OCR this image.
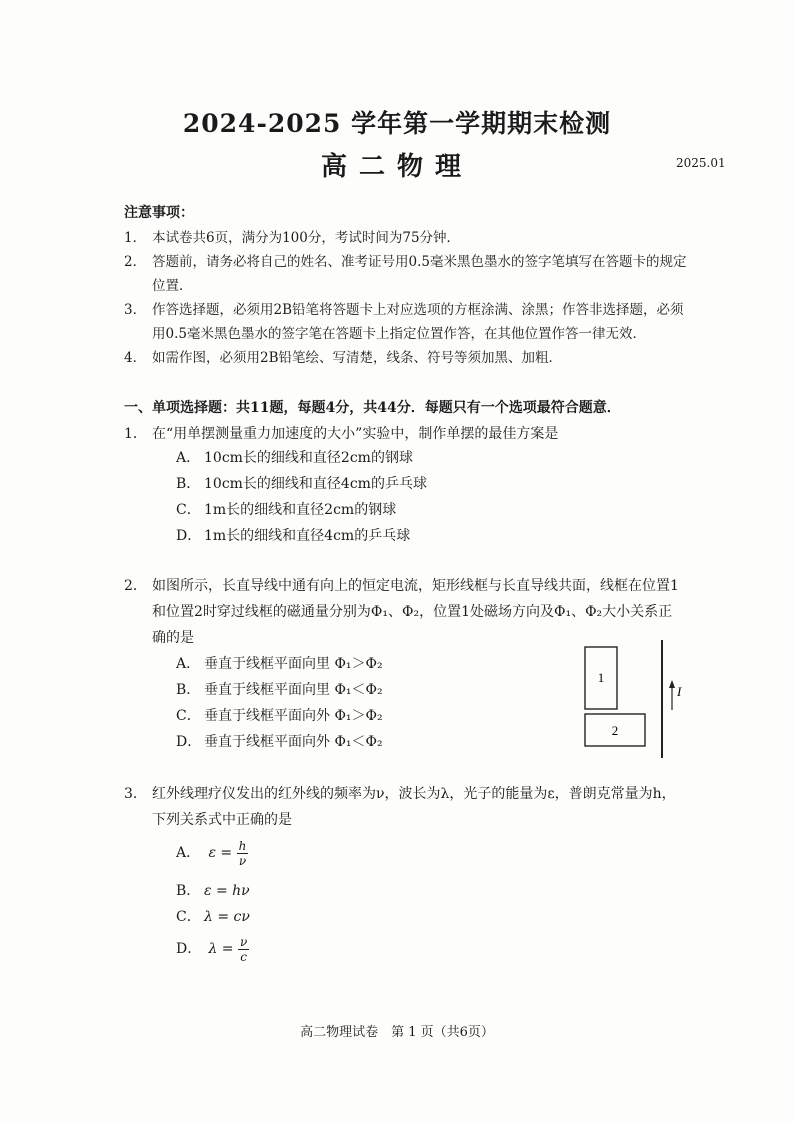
2024-2025 学年第一学期期末检测
高二物理	2025.01
注意事项：
1． 本试卷共6页，满分为100分，考试时间为75分钟．
2． 答题前，请务必将自己的姓名、准考证号用0.5毫米黑色墨水的签字笔填写在答题卡的规定
位置．
3． 作答选择题，必须用2B铅笔将答题卡上对应选项的方框涂满、涂黑；作答非选择题，必须
用0.5毫米黑色墨水的签字笔在答题卡上指定位置作答，在其他位置作答一律无效．
4． 如需作图，必须用2B铅笔绘、写清楚，线条、符号等须加黑、加粗．
一、单项选择题：共11题，每题4分，共44分．每题只有一个选项最符合题意．
1． 在“用单摆测量重力加速度的大小”实验中，制作单摆的最佳方案是
A． 10cm长的细线和直径2cm的钢球
B． 10cm长的细线和直径4cm的乒乓球
C． 1m长的细线和直径2cm的钢球
D． 1m长的细线和直径4cm的乒乓球
2． 如图所示，长直导线中通有向上的恒定电流，矩形线框与长直导线共面，线框在位置1
和位置2时穿过线框的磁通量分别为Φ₁、Φ₂，位置1处磁场方向及Φ₁、Φ₂大小关系正
确的是
A． 垂直于线框平面向里 Φ₁＞Φ₂
B． 垂直于线框平面向里 Φ₁＜Φ₂
C． 垂直于线框平面向外 Φ₁＞Φ₂
D． 垂直于线框平面向外 Φ₁＜Φ₂
1
2
I
3． 红外线理疗仪发出的红外线的频率为ν，波长为λ，光子的能量为ε，普朗克常量为h，
下列关系式中正确的是
A． $\varepsilon = \frac{h}{\nu}$
B． ε = hν
C． λ = cν
D． $\lambda = \frac{\nu}{c}$
高二物理试卷　第 1 页（共6页）
